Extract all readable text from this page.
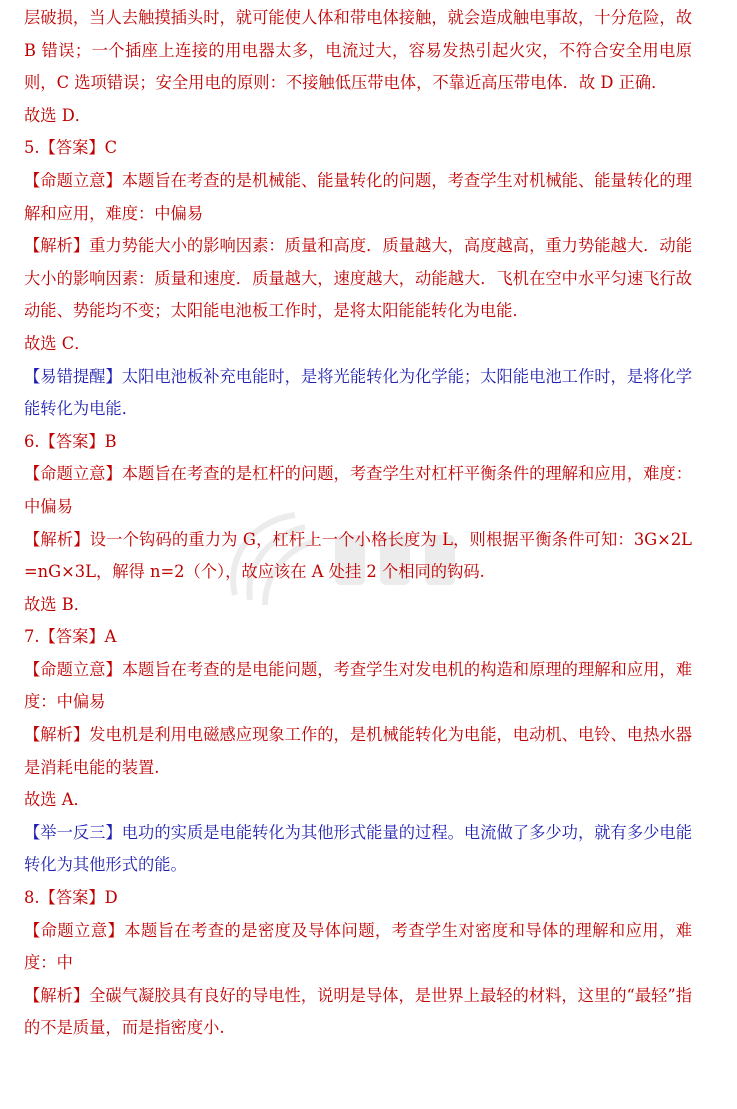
层破损，当人去触摸插头时，就可能使人体和带电体接触，就会造成触电事故，十分危险，故 B 错误；一个插座上连接的用电器太多，电流过大，容易发热引起火灾，不符合安全用电原则，C 选项错误；安全用电的原则：不接触低压带电体，不靠近高压带电体．故 D 正确．

故选 D．

5.【答案】C

【命题立意】本题旨在考查的是机械能、能量转化的问题，考查学生对机械能、能量转化的理解和应用，难度：中偏易

【解析】重力势能大小的影响因素：质量和高度．质量越大，高度越高，重力势能越大．动能大小的影响因素：质量和速度．质量越大，速度越大，动能越大．飞机在空中水平匀速飞行故动能、势能均不变；太阳能电池板工作时，是将太阳能能转化为电能．

故选 C．

【易错提醒】太阳电池板补充电能时，是将光能转化为化学能；太阳能电池工作时，是将化学能转化为电能．

6.【答案】B

【命题立意】本题旨在考查的是杠杆的问题，考查学生对杠杆平衡条件的理解和应用，难度：中偏易

【解析】设一个钩码的重力为 G，杠杆上一个小格长度为 L，则根据平衡条件可知：3G×2L=nG×3L，解得 n=2（个），故应该在 A 处挂 2 个相同的钩码.

故选 B．

7.【答案】A

【命题立意】本题旨在考查的是电能问题，考查学生对发电机的构造和原理的理解和应用，难度：中偏易

【解析】发电机是利用电磁感应现象工作的，是机械能转化为电能，电动机、电铃、电热水器是消耗电能的装置.

故选 A．

【举一反三】电功的实质是电能转化为其他形式能量的过程。电流做了多少功，就有多少电能转化为其他形式的能。

8.【答案】D

【命题立意】本题旨在考查的是密度及导体问题，考查学生对密度和导体的理解和应用，难度：中

【解析】全碳气凝胶具有良好的导电性，说明是导体，是世界上最轻的材料，这里的“最轻”指的不是质量，而是指密度小.
